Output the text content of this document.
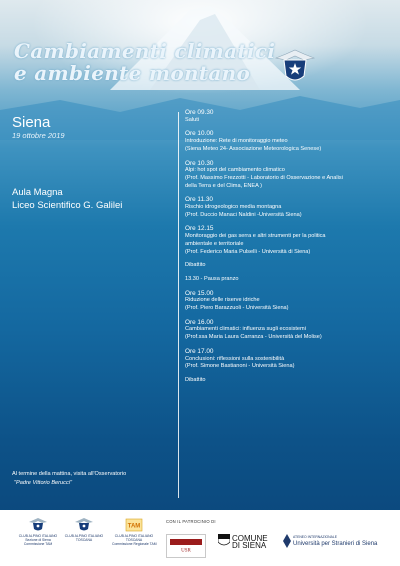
Cambiamenti climatici
e ambiente montano
Siena
19 ottobre 2019
Aula Magna
Liceo Scientifico G. Galilei
Al termine della mattina, visita all'Osservatorio
"Padre Vittorio Berucci"
Ore 09.30
Saluti
Ore 10.00
Introduzione: Rete di monitoraggio meteo
(Siena Meteo 24- Associazione Meteorologica Senese)
Ore 10.30
Alpi: hot spot del cambiamento climatico
(Prof. Massimo Frezzotti - Laboratorio di Osservazione e Analisi
della Terra e del Clima, ENEA )
Ore 11.30
Rischio idrogeologico media montagna
(Prof. Duccio Manaci Naldini -Università Siena)
Ore 12.15
Monitoraggio dei gas serra e altri strumenti per la politica
ambientale e territoriale
(Prof. Federico Maria Pulselli - Università di Siena)
Dibattito
13.30 - Pausa pranzo
Ore 15.00
Riduzione delle riserve idriche
(Prof. Piero Barazzuoli - Università Siena)
Ore 16.00
Cambiamenti climatici: influenza sugli ecosistemi
(Prof.ssa Maria Laura Carranza - Università del Molise)
Ore 17.00
Conclusioni: riflessioni sulla sostenibilità
(Prof. Simone Bastianoni - Università Siena)
Dibattito
CLUB ALPINO ITALIANO
Sezione di Siena
Commissione TAM
CLUB ALPINO ITALIANO
TOSCANA
TAM
CLUB ALPINO ITALIANO
TOSCANA
Commissione Regionale TAM
CON IL PATROCINIO DI
USR
COMUNE
DI SIENA
ATENEO INTERNAZIONALE
Università per Stranieri di Siena
